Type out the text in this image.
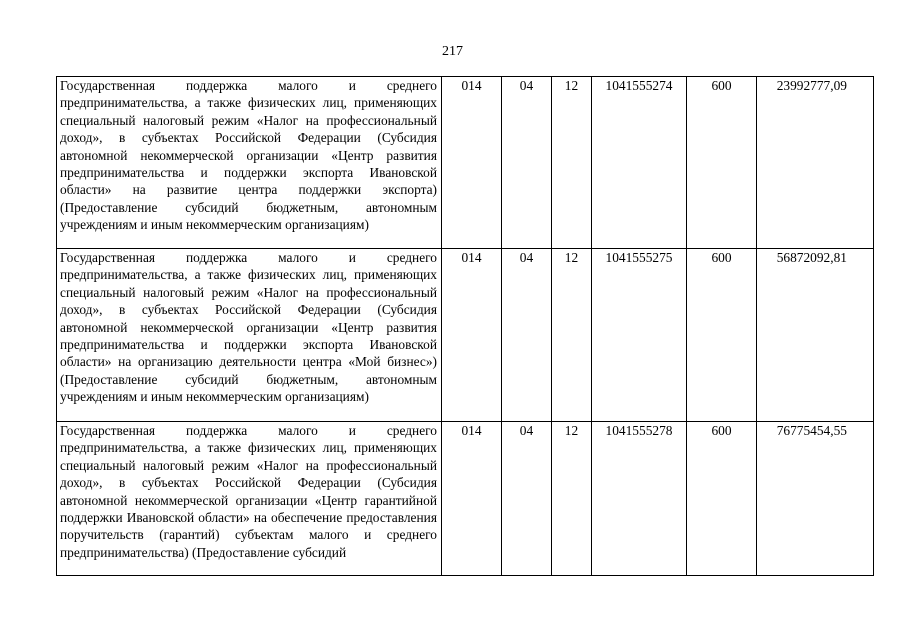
217
Государственная поддержка малого и среднего предпринимательства, а также физических лиц, применяющих специальный налоговый режим «Налог на профессиональный доход», в субъектах Российской Федерации (Субсидия автономной некоммерческой организации «Центр развития предпринимательства и поддержки экспорта Ивановской области» на развитие центра поддержки экспорта) (Предоставление субсидий бюджетным, автономным учреждениям и иным некоммерческим организациям)	014	04	12	1041555274	600	23992777,09
Государственная поддержка малого и среднего предпринимательства, а также физических лиц, применяющих специальный налоговый режим «Налог на профессиональный доход», в субъектах Российской Федерации (Субсидия автономной некоммерческой организации «Центр развития предпринимательства и поддержки экспорта Ивановской области» на организацию деятельности центра «Мой бизнес») (Предоставление субсидий бюджетным, автономным учреждениям и иным некоммерческим организациям)	014	04	12	1041555275	600	56872092,81

Государственная поддержка малого и среднего предпринимательства, а также физических лиц, применяющих специальный налоговый режим «Налог на профессиональный доход», в субъектах Российской Федерации (Субсидия автономной некоммерческой организации «Центр гарантийной поддержки Ивановской области» на обеспечение предоставления поручительств (гарантий) субъектам малого и среднего предпринимательства) (Предоставление субсидий	014	04	12	1041555278	600	76775454,55
